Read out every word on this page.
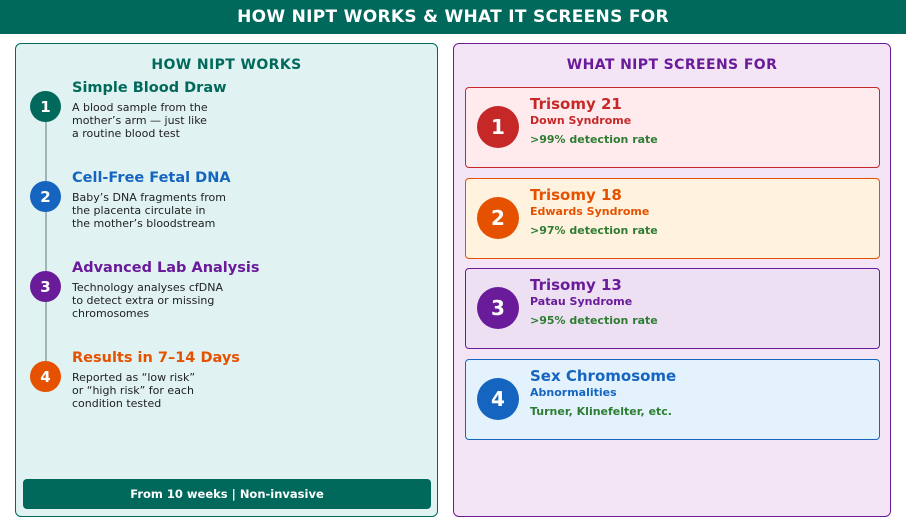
HOW NIPT WORKS & WHAT IT SCREENS FOR
HOW NIPT WORKS
1
Simple Blood Draw
A blood sample from the
mother’s arm — just like
a routine blood test
2
Cell-Free Fetal DNA
Baby’s DNA fragments from
the placenta circulate in
the mother’s bloodstream
3
Advanced Lab Analysis
Technology analyses cfDNA
to detect extra or missing
chromosomes
4
Results in 7–14 Days
Reported as “low risk”
or “high risk” for each
condition tested
From 10 weeks | Non-invasive
WHAT NIPT SCREENS FOR
1
Trisomy 21
Down Syndrome
>99% detection rate
2
Trisomy 18
Edwards Syndrome
>97% detection rate
3
Trisomy 13
Patau Syndrome
>95% detection rate
4
Sex Chromosome
Abnormalities
Turner, Klinefelter, etc.
